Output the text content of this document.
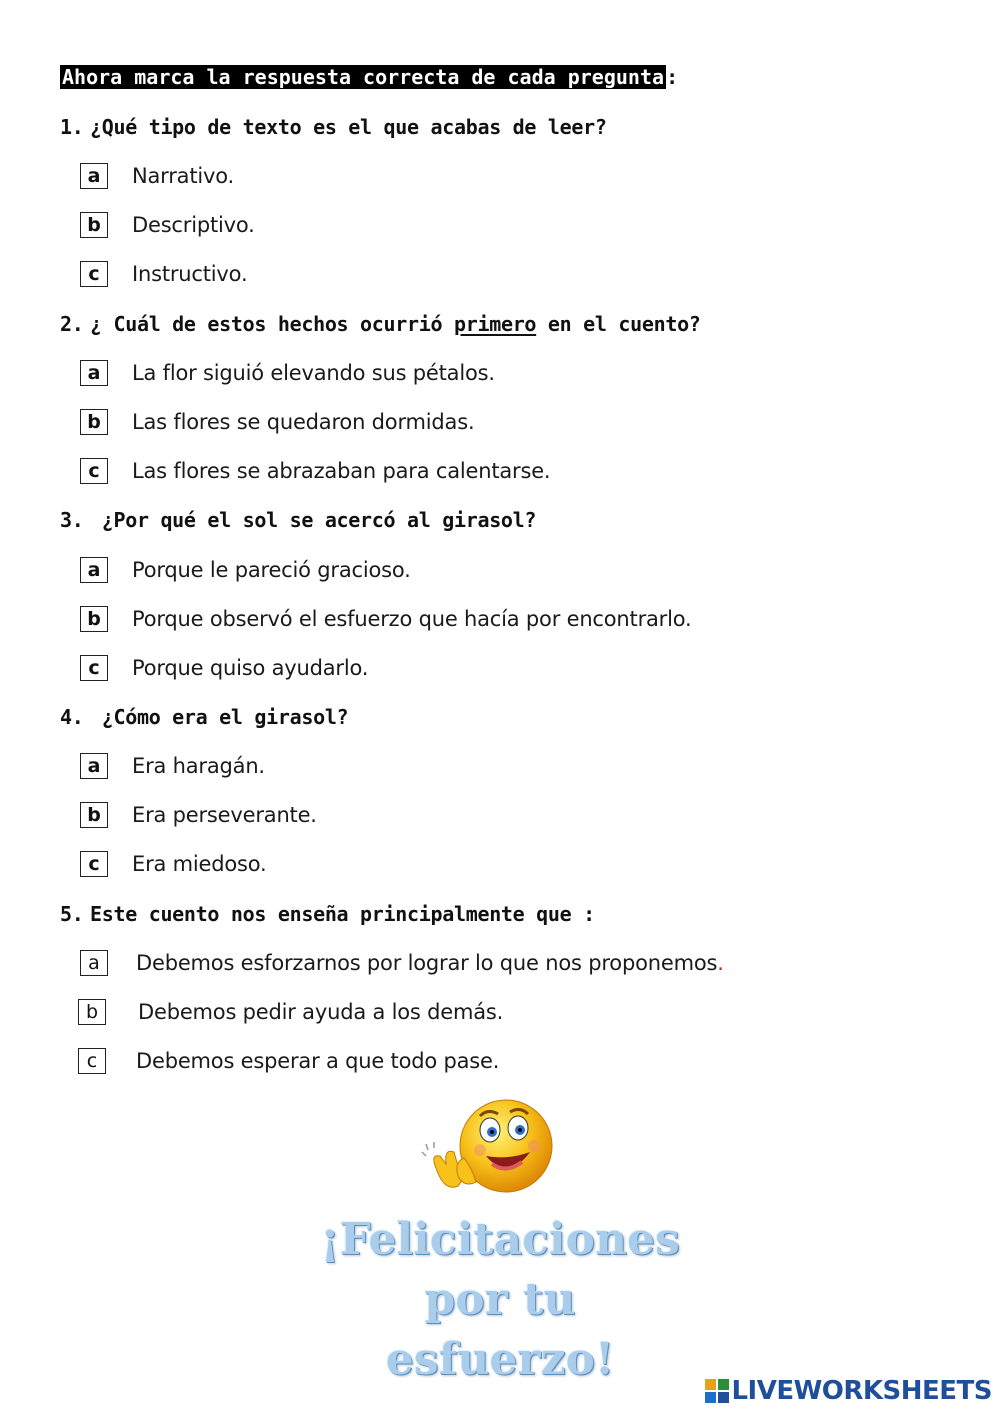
Ahora marca la respuesta correcta de cada pregunta :
1. ¿Qué tipo de texto es el que acabas de leer?
a	Narrativo.
b	Descriptivo.
c	Instructivo.
2. ¿ Cuál de estos hechos ocurrió primero en el cuento?
a	La flor siguió elevando sus pétalos.
b	Las flores se quedaron dormidas.
c	Las flores se abrazaban para calentarse.
3. ¿Por qué el sol se acercó al girasol?
a	Porque le pareció gracioso.
b	Porque observó el esfuerzo que hacía por encontrarlo.
c	Porque quiso ayudarlo.
4. ¿Cómo era el girasol?
a	Era haragán.
b	Era perseverante.
c	Era miedoso.
5. Este cuento nos enseña principalmente que :
a	Debemos esforzarnos por lograr lo que nos proponemos.
b	Debemos pedir ayuda a los demás.
c	Debemos esperar a que todo pase.
¡Felicitaciones
por tu
esfuerzo!
LIVEWORKSHEETS
